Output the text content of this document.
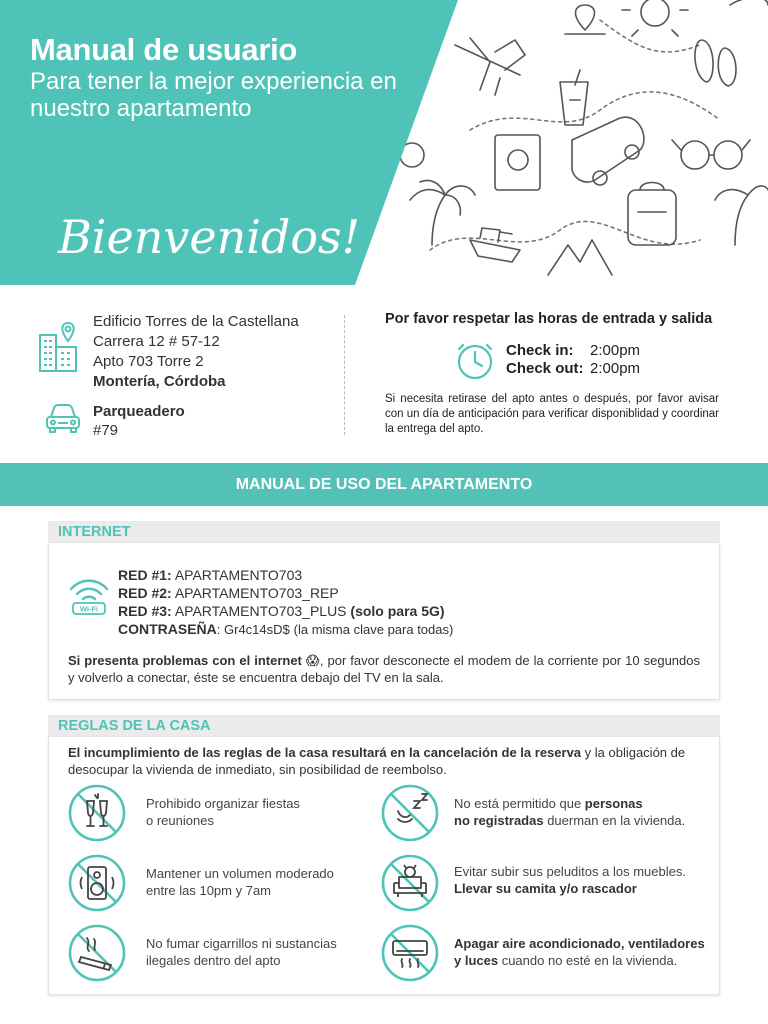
Manual de usuario
Para tener la mejor experiencia en nuestro apartamento
Bienvenidos!
Edificio Torres de la Castellana
Carrera 12 # 57-12
Apto 703 Torre 2
Montería, Córdoba
Parqueadero
#79
Por favor respetar las horas de entrada y salida
Check in:	2:00pm
Check out: 2:00pm
Si necesita retirase del apto antes o después, por favor avisar con un día de anticipación para verificar disponiblidad y coordinar la entrega del apto.
MANUAL DE USO DEL APARTAMENTO
INTERNET
Wi-Fi
RED #1: APARTAMENTO703
RED #2: APARTAMENTO703_REP
RED #3: APARTAMENTO703_PLUS (solo para 5G)
CONTRASEÑA: Gr4c14sD$ (la misma clave para todas)
Si presenta problemas con el internet 😱, por favor desconecte el modem de la corriente por 10 segundos y volverlo a conectar, éste se encuentra debajo del TV en la sala.
REGLAS DE LA CASA
El incumplimiento de las reglas de la casa resultará en la cancelación de la reserva y la obligación de desocupar la vivienda de inmediato, sin posibilidad de reembolso.
Prohibido organizar fiestas
o reuniones
No está permitido que personas
no registradas duerman en la vivienda.
Mantener un volumen moderado
entre las 10pm y 7am
Evitar subir sus peluditos a los muebles.
Llevar su camita y/o rascador
No fumar cigarrillos ni sustancias
ilegales dentro del apto
Apagar aire acondicionado, ventiladores
y luces cuando no esté en la vivienda.
